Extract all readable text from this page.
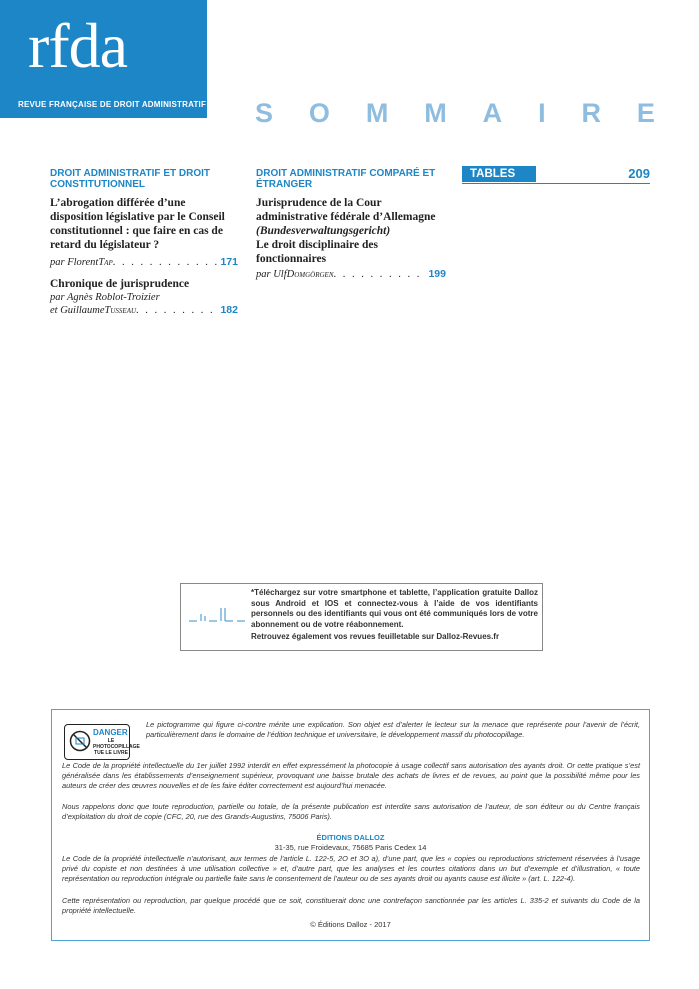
rfda
REVUE FRANÇAISE DE DROIT ADMINISTRATIF S O M M A I R E
DROIT ADMINISTRATIF ET DROIT CONSTITUTIONNEL
L’abrogation différée d’une disposition législative par le Conseil constitutionnel : que faire en cas de retard du législateur ?
par Florent Tap . . .	171
Chronique de jurisprudence
par Agnès Roblot-Troizier
et Guillaume Tusseau . . .	182
DROIT ADMINISTRATIF COMPARÉ ET ÉTRANGER
Jurisprudence de la Cour administrative fédérale d’Allemagne (Bundesverwaltungsgericht)
Le droit disciplinaire des fonctionnaires
par Ulf Domgörgen . . .	199
TABLES	209
*Téléchargez sur votre smartphone et tablette, l’application gratuite Dalloz sous Android et IOS et connectez-vous à l’aide de vos identifiants personnels ou des identifiants qui vous ont été communiqués lors de votre abonnement ou de votre réabonnement.
Retrouvez également vos revues feuilletable sur Dalloz-Revues.fr
DANGER
LE PHOTOCOPILLAGE TUE LE LIVRE

Le pictogramme qui figure ci-contre mérite une explication. Son objet est d’alerter le lecteur sur la menace que représente pour l’avenir de l’écrit, particulièrement dans le domaine de l’édition technique et universitaire, le développement massif du photocopillage.

Le Code de la propriété intellectuelle du 1er juillet 1992 interdit en effet expressément la photocopie à usage collectif sans autorisation des ayants droit. Or cette pratique s’est généralisée dans les établissements d’enseignement supérieur, provoquant une baisse brutale des achats de livres et de revues, au point que la possibilité même pour les auteurs de créer des œuvres nouvelles et de les faire éditer correctement est aujourd’hui menacée.

Nous rappelons donc que toute reproduction, partielle ou totale, de la présente publication est interdite sans autorisation de l’auteur, de son éditeur ou du Centre français d’exploitation du droit de copie (CFC, 20, rue des Grands-Augustins, 75006 Paris).

ÉDITIONS DALLOZ
31-35, rue Froidevaux, 75685 Paris Cedex 14

Le Code de la propriété intellectuelle n’autorisant, aux termes de l’article L. 122-5, 2O et 3O a), d’une part, que les « copies ou reproductions strictement réservées à l’usage privé du copiste et non destinées à une utilisation collective » et, d’autre part, que les analyses et les courtes citations dans un but d’exemple et d’illustration, « toute représentation ou reproduction intégrale ou partielle faite sans le consentement de l’auteur ou de ses ayants droit ou ayants cause est illicite » (art. L. 122-4).

Cette représentation ou reproduction, par quelque procédé que ce soit, constituerait donc une contrefaçon sanctionnée par les articles L. 335-2 et suivants du Code de la propriété intellectuelle.

© Éditions Dalloz - 2017
